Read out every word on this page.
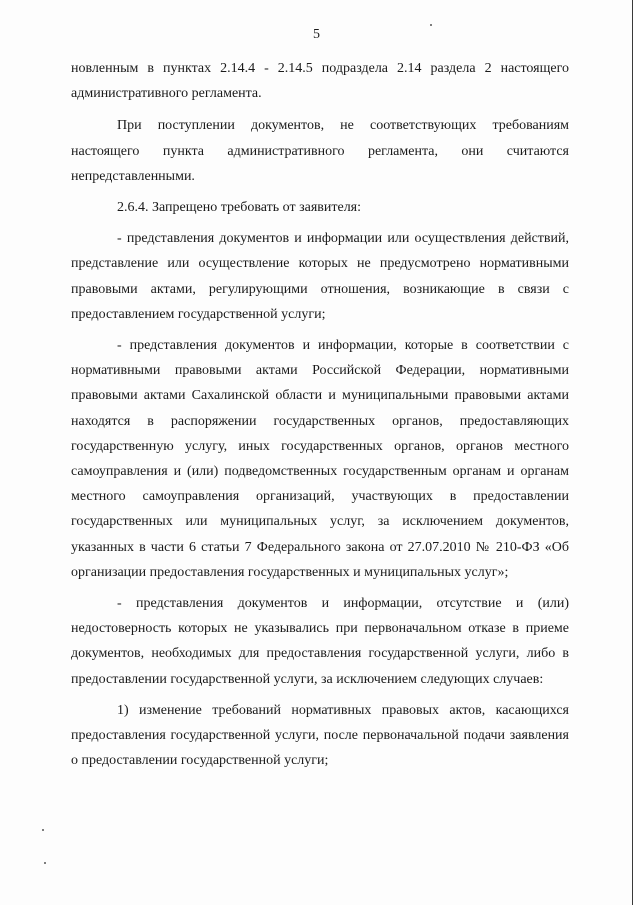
5

новленным в пунктах 2.14.4 - 2.14.5 подраздела 2.14 раздела 2 настоящего административного регламента.

При поступлении документов, не соответствующих требованиям настоящего пункта административного регламента, они считаются непредставленными.

2.6.4. Запрещено требовать от заявителя:

- представления документов и информации или осуществления действий, представление или осуществление которых не предусмотрено нормативными правовыми актами, регулирующими отношения, возникающие в связи с предоставлением государственной услуги;

- представления документов и информации, которые в соответствии с нормативными правовыми актами Российской Федерации, нормативными правовыми актами Сахалинской области и муниципальными правовыми актами находятся в распоряжении государственных органов, предоставляющих государственную услугу, иных государственных органов, органов местного самоуправления и (или) подведомственных государственным органам и органам местного самоуправления организаций, участвующих в предоставлении государственных или муниципальных услуг, за исключением документов, указанных в части 6 статьи 7 Федерального закона от 27.07.2010 № 210-ФЗ «Об организации предоставления государственных и муниципальных услуг»;

- представления документов и информации, отсутствие и (или) недостоверность которых не указывались при первоначальном отказе в приеме документов, необходимых для предоставления государственной услуги, либо в предоставлении государственной услуги, за исключением следующих случаев:

1) изменение требований нормативных правовых актов, касающихся предоставления государственной услуги, после первоначальной подачи заявления о предоставлении государственной услуги;
